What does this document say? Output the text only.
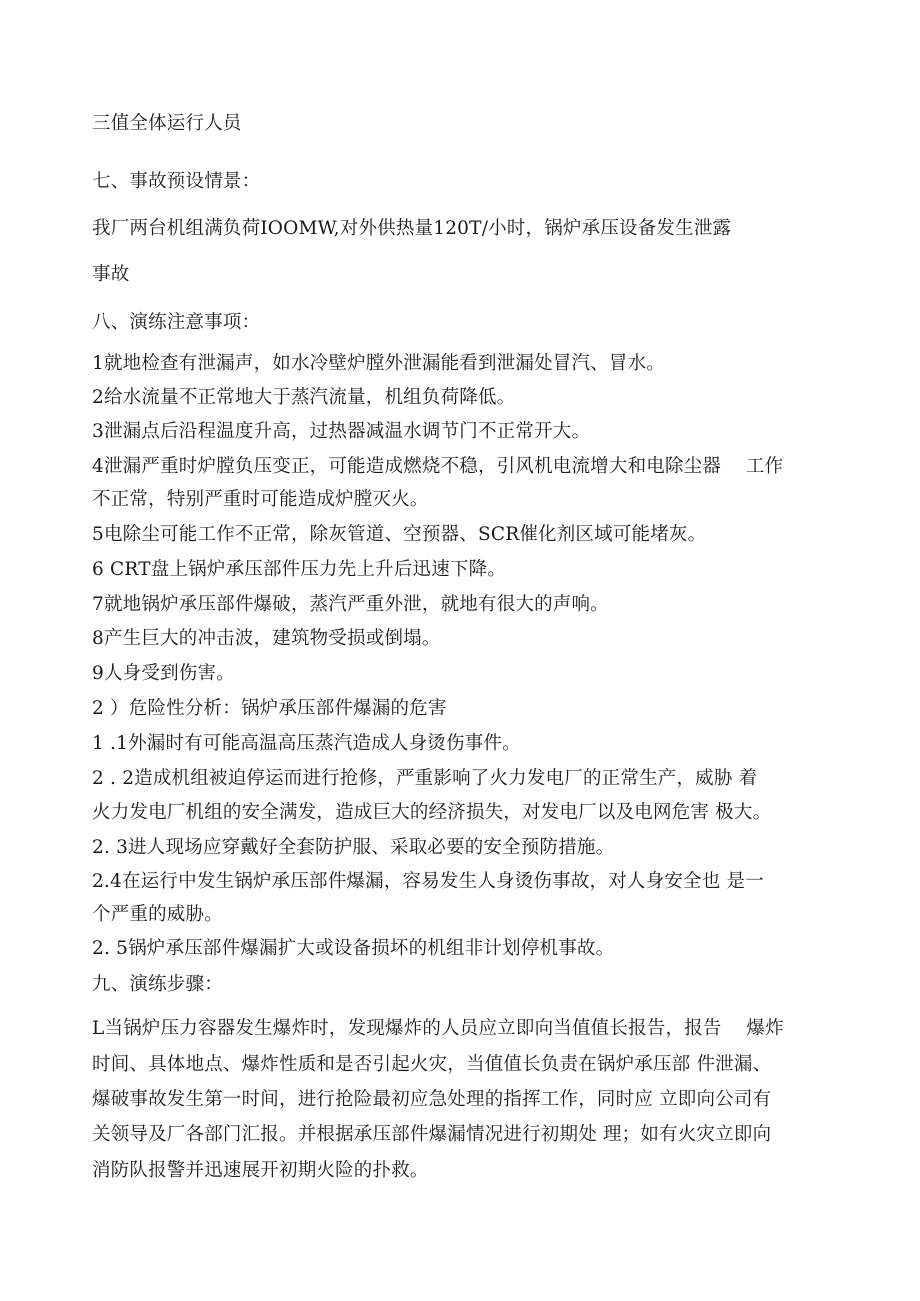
三值全体运行人员
七、事故预设情景：
我厂两台机组满负荷IOOMW,对外供热量120T/小时，锅炉承压设备发生泄露
事故
八、演练注意事项：
1就地检查有泄漏声，如水冷壁炉膛外泄漏能看到泄漏处冒汽、冒水。
2给水流量不正常地大于蒸汽流量，机组负荷降低。
3泄漏点后沿程温度升高，过热器减温水调节门不正常开大。
4泄漏严重时炉膛负压变正，可能造成燃烧不稳，引风机电流增大和电除尘器　 工作
不正常，特别严重时可能造成炉膛灭火。
5电除尘可能工作不正常，除灰管道、空预器、SCR催化剂区域可能堵灰。
6 CRT盘上锅炉承压部件压力先上升后迅速下降。
7就地锅炉承压部件爆破，蒸汽严重外泄，就地有很大的声响。
8产生巨大的冲击波，建筑物受损或倒塌。
9人身受到伤害。
2 ）危险性分析：锅炉承压部件爆漏的危害
1 .1外漏时有可能高温高压蒸汽造成人身烫伤事件。
2 . 2造成机组被迫停运而进行抢修，严重影响了火力发电厂的正常生产，威胁 着
火力发电厂机组的安全满发，造成巨大的经济损失，对发电厂以及电网危害 极大。
2. 3进人现场应穿戴好全套防护服、采取必要的安全预防措施。
2.4在运行中发生锅炉承压部件爆漏，容易发生人身烫伤事故，对人身安全也 是一
个严重的威胁。
2. 5锅炉承压部件爆漏扩大或设备损坏的机组非计划停机事故。
九、演练步骤：
L当锅炉压力容器发生爆炸时，发现爆炸的人员应立即向当值值长报告，报告　 爆炸
时间、具体地点、爆炸性质和是否引起火灾，当值值长负责在锅炉承压部 件泄漏、
爆破事故发生第一时间，进行抢险最初应急处理的指挥工作，同时应 立即向公司有
关领导及厂各部门汇报。并根据承压部件爆漏情况进行初期处 理；如有火灾立即向
消防队报警并迅速展开初期火险的扑救。
